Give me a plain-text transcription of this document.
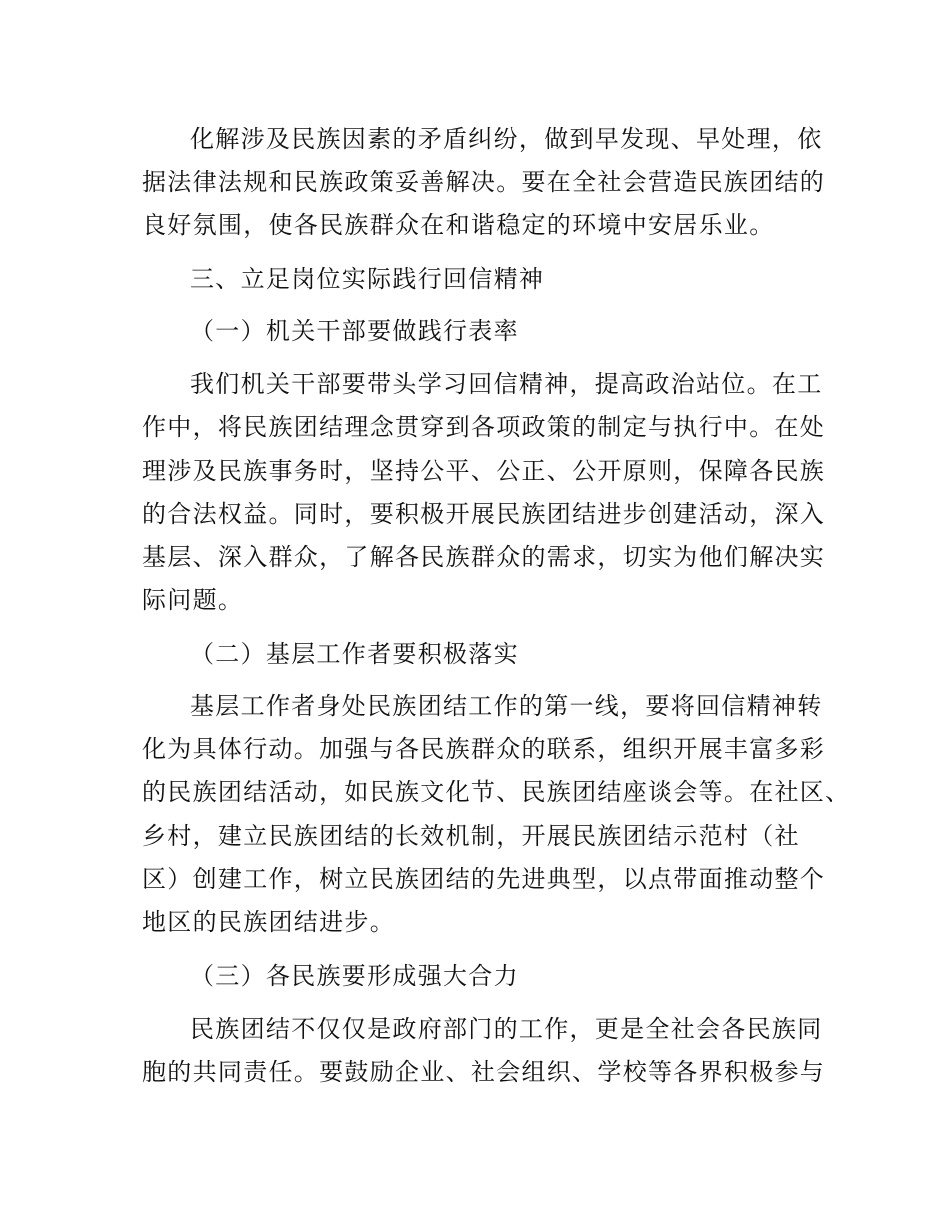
化解涉及民族因素的矛盾纠纷，做到早发现、早处理，依
据法律法规和民族政策妥善解决。要在全社会营造民族团结的
良好氛围，使各民族群众在和谐稳定的环境中安居乐业。
三、立足岗位实际践行回信精神
（一）机关干部要做践行表率
我们机关干部要带头学习回信精神，提高政治站位。在工
作中，将民族团结理念贯穿到各项政策的制定与执行中。在处
理涉及民族事务时，坚持公平、公正、公开原则，保障各民族
的合法权益。同时，要积极开展民族团结进步创建活动，深入
基层、深入群众，了解各民族群众的需求，切实为他们解决实
际问题。
（二）基层工作者要积极落实
基层工作者身处民族团结工作的第一线，要将回信精神转
化为具体行动。加强与各民族群众的联系，组织开展丰富多彩
的民族团结活动，如民族文化节、民族团结座谈会等。在社区、
乡村，建立民族团结的长效机制，开展民族团结示范村（社
区）创建工作，树立民族团结的先进典型，以点带面推动整个
地区的民族团结进步。
（三）各民族要形成强大合力
民族团结不仅仅是政府部门的工作，更是全社会各民族同
胞的共同责任。要鼓励企业、社会组织、学校等各界积极参与
